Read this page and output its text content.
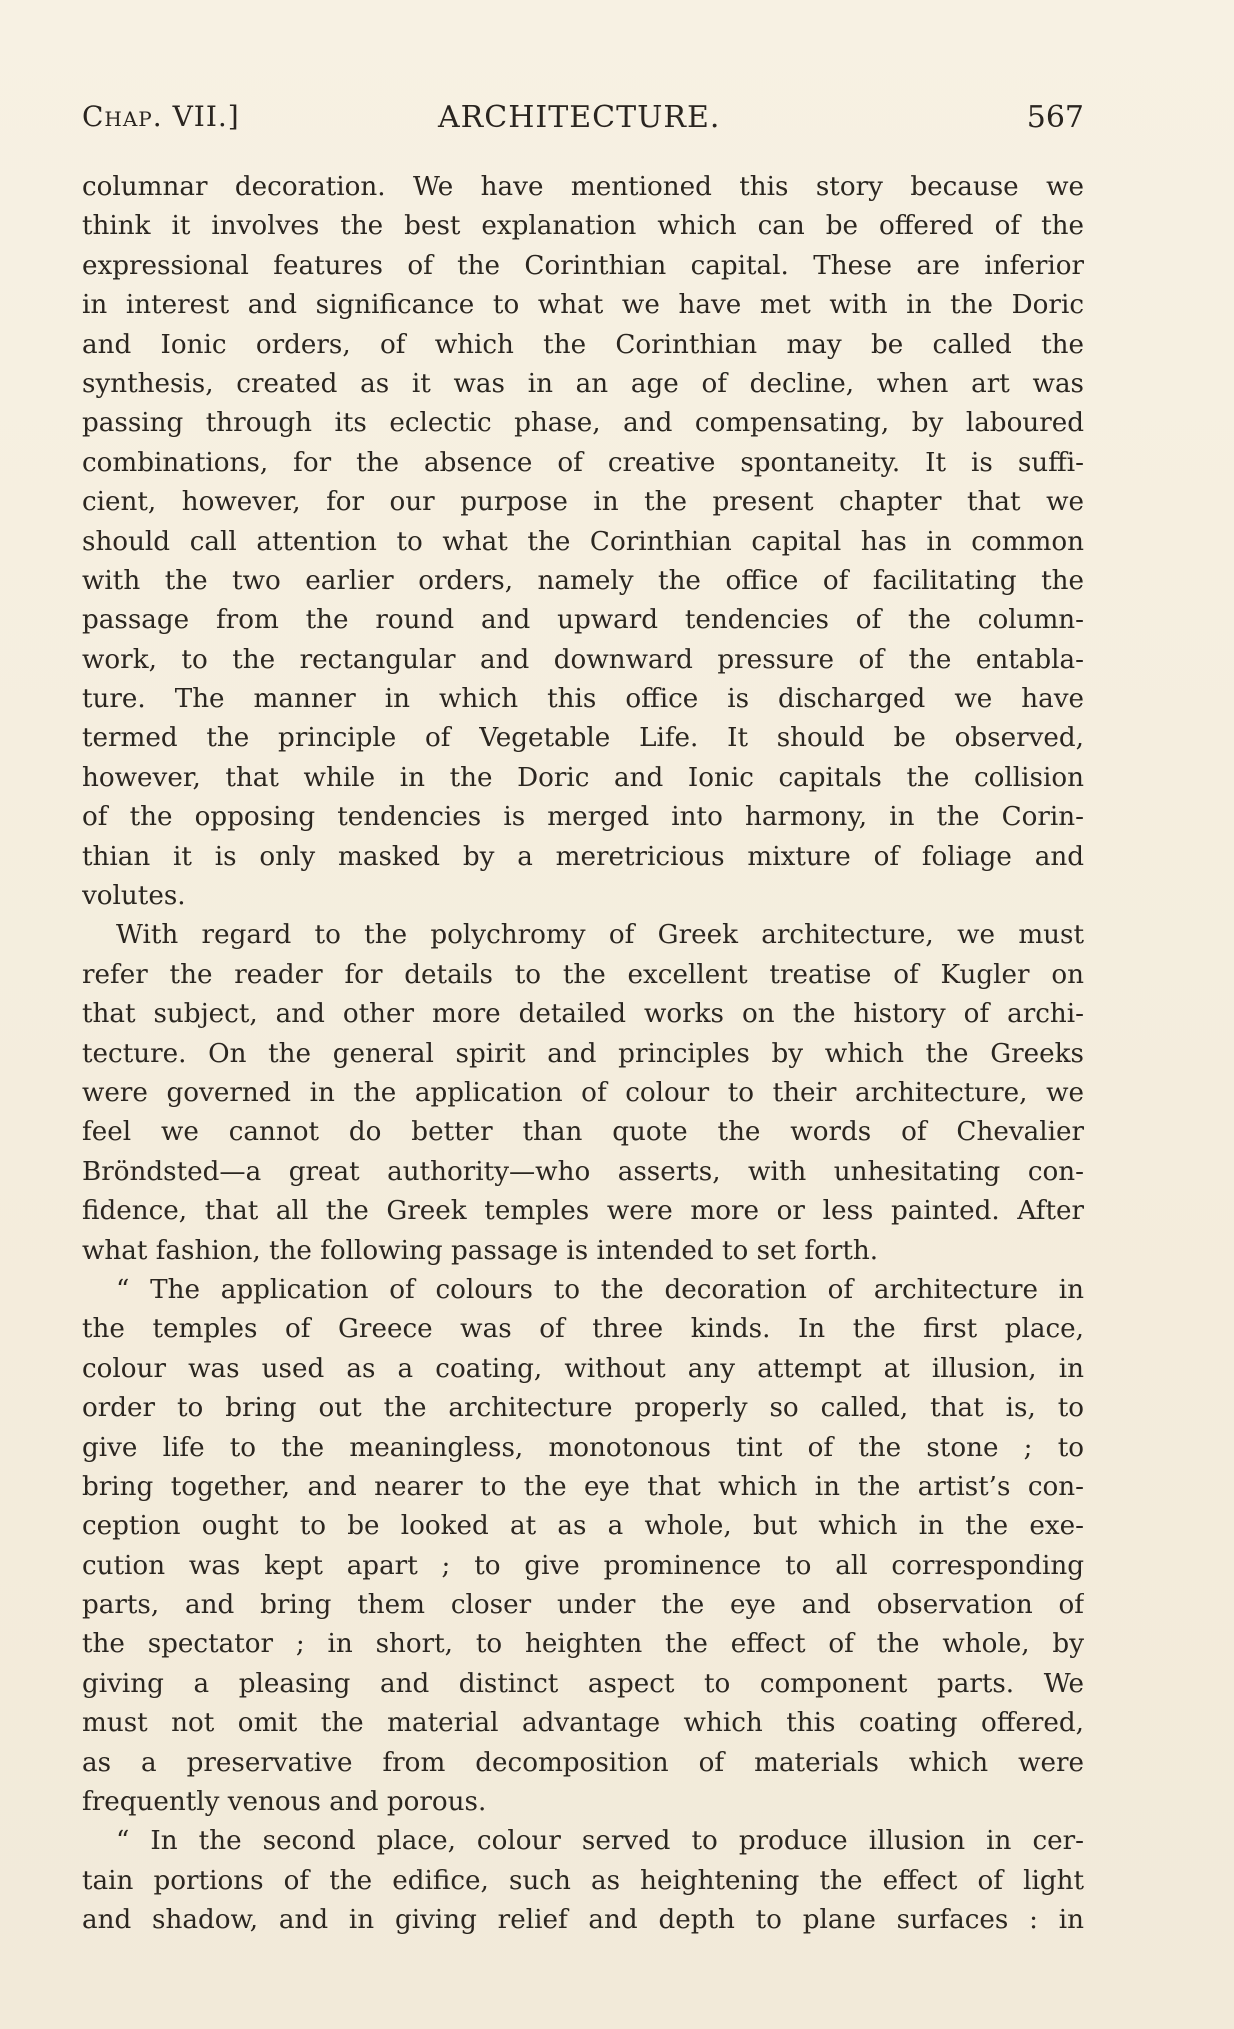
Chap. VII.]	ARCHITECTURE.	567
columnar decoration. We have mentioned this story because we
think it involves the best explanation which can be offered of the
expressional features of the Corinthian capital. These are inferior
in interest and significance to what we have met with in the Doric
and Ionic orders, of which the Corinthian may be called the
synthesis, created as it was in an age of decline, when art was
passing through its eclectic phase, and compensating, by laboured
combinations, for the absence of creative spontaneity. It is suffi-
cient, however, for our purpose in the present chapter that we
should call attention to what the Corinthian capital has in common
with the two earlier orders, namely the office of facilitating the
passage from the round and upward tendencies of the column-
work, to the rectangular and downward pressure of the entabla-
ture. The manner in which this office is discharged we have
termed the principle of Vegetable Life. It should be observed,
however, that while in the Doric and Ionic capitals the collision
of the opposing tendencies is merged into harmony, in the Corin-
thian it is only masked by a meretricious mixture of foliage and
volutes.
With regard to the polychromy of Greek architecture, we must
refer the reader for details to the excellent treatise of Kugler on
that subject, and other more detailed works on the history of archi-
tecture. On the general spirit and principles by which the Greeks
were governed in the application of colour to their architecture, we
feel we cannot do better than quote the words of Chevalier
Bröndsted—a great authority—who asserts, with unhesitating con-
fidence, that all the Greek temples were more or less painted. After
what fashion, the following passage is intended to set forth.
“ The application of colours to the decoration of architecture in
the temples of Greece was of three kinds. In the first place,
colour was used as a coating, without any attempt at illusion, in
order to bring out the architecture properly so called, that is, to
give life to the meaningless, monotonous tint of the stone ; to
bring together, and nearer to the eye that which in the artist’s con-
ception ought to be looked at as a whole, but which in the exe-
cution was kept apart ; to give prominence to all corresponding
parts, and bring them closer under the eye and observation of
the spectator ; in short, to heighten the effect of the whole, by
giving a pleasing and distinct aspect to component parts. We
must not omit the material advantage which this coating offered,
as a preservative from decomposition of materials which were
frequently venous and porous.
“ In the second place, colour served to produce illusion in cer-
tain portions of the edifice, such as heightening the effect of light
and shadow, and in giving relief and depth to plane surfaces : in
